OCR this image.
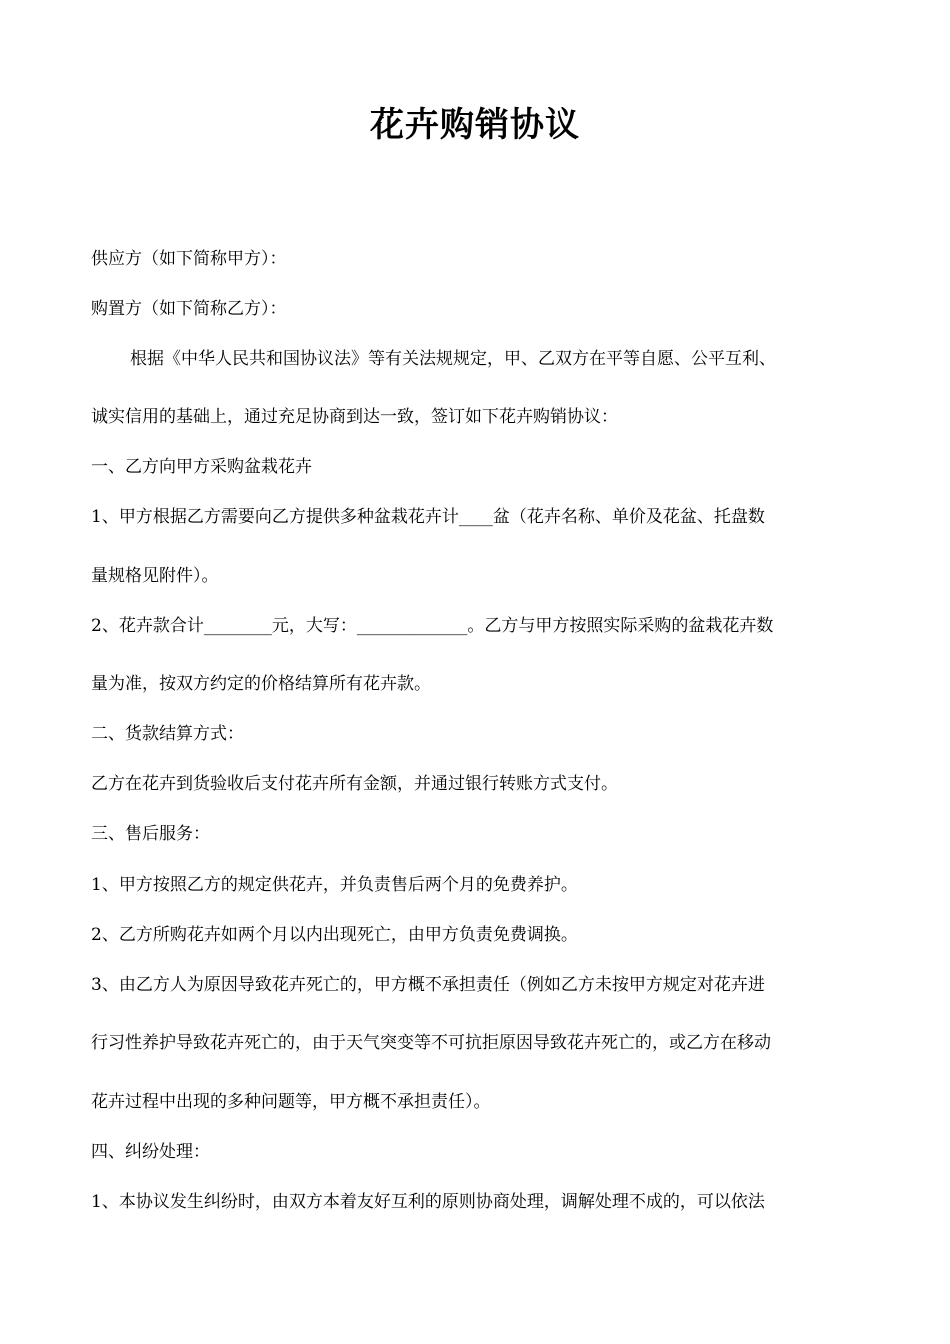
花卉购销协议
供应方（如下简称甲方）：
购置方（如下简称乙方）：
根据《中华人民共和国协议法》等有关法规规定，甲、乙双方在平等自愿、公平互利、
诚实信用的基础上，通过充足协商到达一致，签订如下花卉购销协议：
一、乙方向甲方采购盆栽花卉
1、甲方根据乙方需要向乙方提供多种盆栽花卉计____盆（花卉名称、单价及花盆、托盘数
量规格见附件）。
2、花卉款合计________元，大写：_____________。乙方与甲方按照实际采购的盆栽花卉数
量为准，按双方约定的价格结算所有花卉款。
二、货款结算方式：
乙方在花卉到货验收后支付花卉所有金额，并通过银行转账方式支付。
三、售后服务：
1、甲方按照乙方的规定供花卉，并负责售后两个月的免费养护。
2、乙方所购花卉如两个月以内出现死亡，由甲方负责免费调换。
3、由乙方人为原因导致花卉死亡的，甲方概不承担责任（例如乙方未按甲方规定对花卉进
行习性养护导致花卉死亡的，由于天气突变等不可抗拒原因导致花卉死亡的，或乙方在移动
花卉过程中出现的多种问题等，甲方概不承担责任）。
四、纠纷处理：
1、本协议发生纠纷时，由双方本着友好互利的原则协商处理，调解处理不成的，可以依法
